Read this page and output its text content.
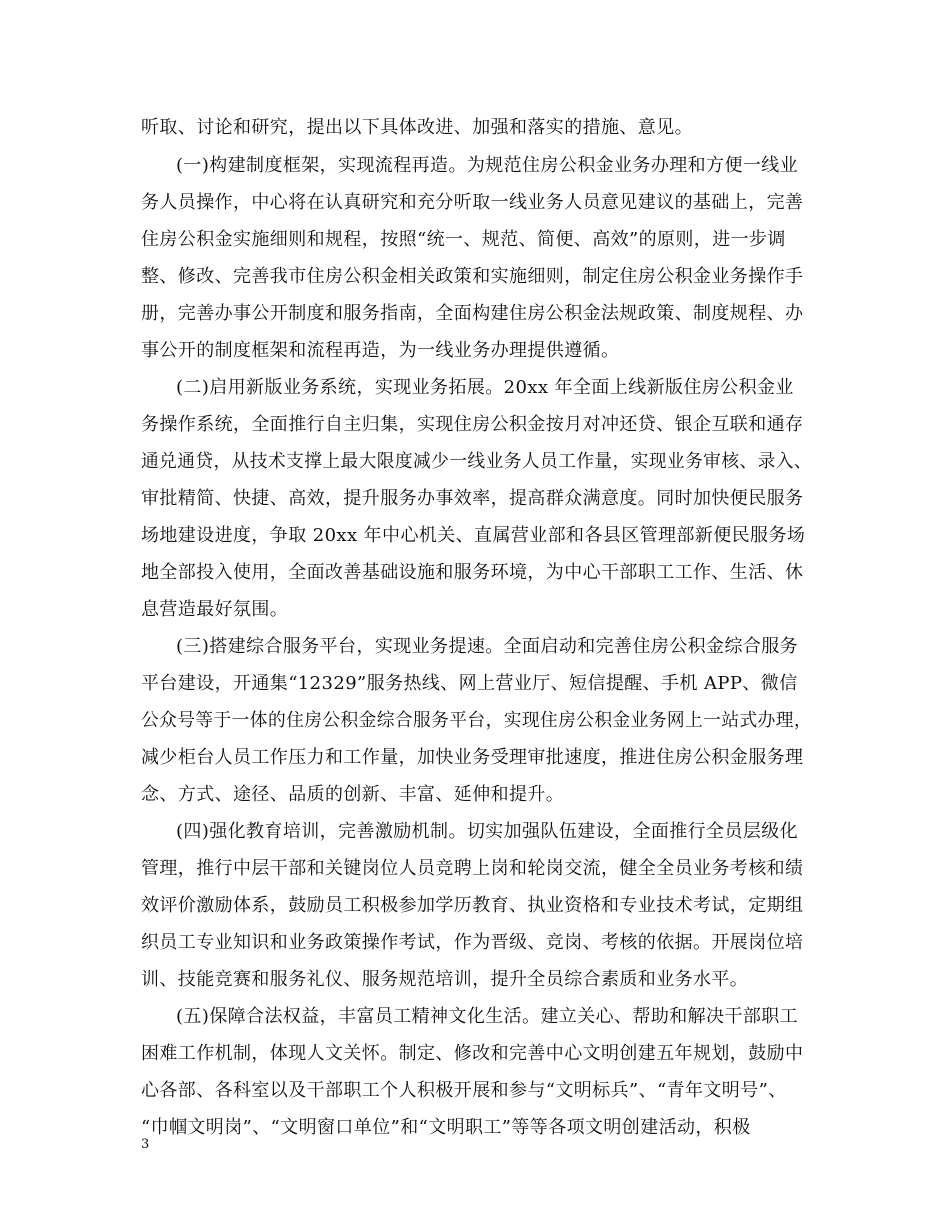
听取、讨论和研究，提出以下具体改进、加强和落实的措施、意见。
(一)构建制度框架，实现流程再造。为规范住房公积金业务办理和方便一线业
务人员操作，中心将在认真研究和充分听取一线业务人员意见建议的基础上，完善
住房公积金实施细则和规程，按照“统一、规范、简便、高效”的原则，进一步调
整、修改、完善我市住房公积金相关政策和实施细则，制定住房公积金业务操作手
册，完善办事公开制度和服务指南，全面构建住房公积金法规政策、制度规程、办
事公开的制度框架和流程再造，为一线业务办理提供遵循。
(二)启用新版业务系统，实现业务拓展。20xx 年全面上线新版住房公积金业
务操作系统，全面推行自主归集，实现住房公积金按月对冲还贷、银企互联和通存
通兑通贷，从技术支撑上最大限度减少一线业务人员工作量，实现业务审核、录入、
审批精简、快捷、高效，提升服务办事效率，提高群众满意度。同时加快便民服务
场地建设进度，争取 20xx 年中心机关、直属营业部和各县区管理部新便民服务场
地全部投入使用，全面改善基础设施和服务环境，为中心干部职工工作、生活、休
息营造最好氛围。
(三)搭建综合服务平台，实现业务提速。全面启动和完善住房公积金综合服务
平台建设，开通集“12329”服务热线、网上营业厅、短信提醒、手机 APP、微信
公众号等于一体的住房公积金综合服务平台，实现住房公积金业务网上一站式办理，
减少柜台人员工作压力和工作量，加快业务受理审批速度，推进住房公积金服务理
念、方式、途径、品质的创新、丰富、延伸和提升。
(四)强化教育培训，完善激励机制。切实加强队伍建设，全面推行全员层级化
管理，推行中层干部和关键岗位人员竞聘上岗和轮岗交流，健全全员业务考核和绩
效评价激励体系，鼓励员工积极参加学历教育、执业资格和专业技术考试，定期组
织员工专业知识和业务政策操作考试，作为晋级、竞岗、考核的依据。开展岗位培
训、技能竞赛和服务礼仪、服务规范培训，提升全员综合素质和业务水平。
(五)保障合法权益，丰富员工精神文化生活。建立关心、帮助和解决干部职工
困难工作机制，体现人文关怀。制定、修改和完善中心文明创建五年规划，鼓励中
心各部、各科室以及干部职工个人积极开展和参与“文明标兵”、“青年文明号”、
“巾帼文明岗”、“文明窗口单位”和“文明职工”等等各项文明创建活动，积极
3
